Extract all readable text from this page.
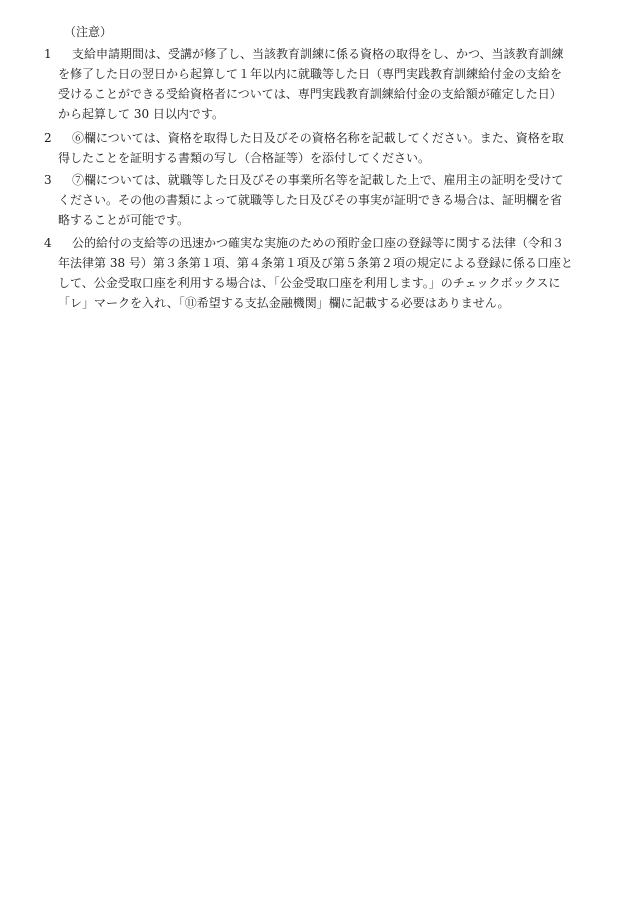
（注意）
1	支給申請期間は、受講が修了し、当該教育訓練に係る資格の取得をし、かつ、当該教育訓練
を修了した日の翌日から起算して１年以内に就職等した日（専門実践教育訓練給付金の支給を
受けることができる受給資格者については、専門実践教育訓練給付金の支給額が確定した日）
から起算して 30 日以内です。
2	⑥欄については、資格を取得した日及びその資格名称を記載してください。また、資格を取
得したことを証明する書類の写し（合格証等）を添付してください。
3	⑦欄については、就職等した日及びその事業所名等を記載した上で、雇用主の証明を受けて
ください。その他の書類によって就職等した日及びその事実が証明できる場合は、証明欄を省
略することが可能です。
4	公的給付の支給等の迅速かつ確実な実施のための預貯金口座の登録等に関する法律（令和３
年法律第 38 号）第３条第１項、第４条第１項及び第５条第２項の規定による登録に係る口座と
して、公金受取口座を利用する場合は、「公金受取口座を利用します。」のチェックボックスに
「レ」マークを入れ、「⑪希望する支払金融機関」欄に記載する必要はありません。
